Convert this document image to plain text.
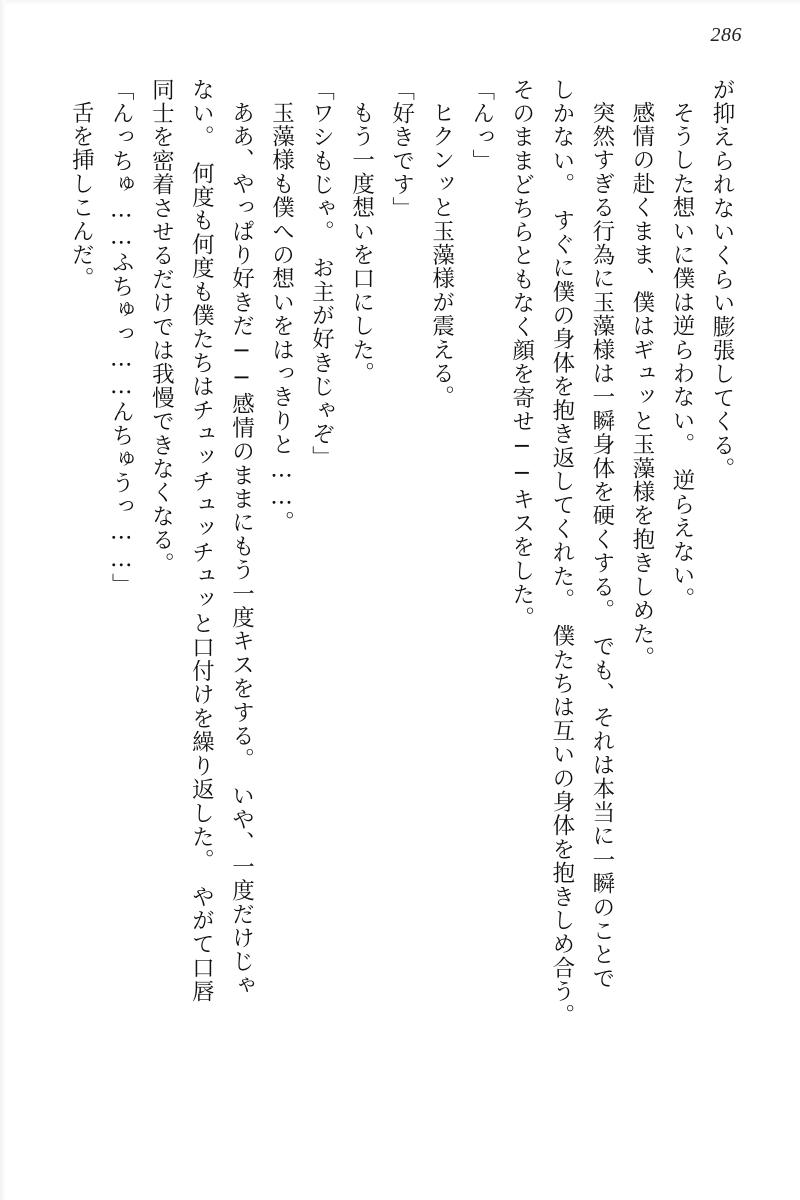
286

が抑えられないくらい膨張してくる。

そうした想いに僕は逆らわない。　逆らえない。

感情の赴くまま、僕はギュッと玉藻様を抱きしめた。

突然すぎる行為に玉藻様は一瞬身体を硬くする。　でも、それは本当に一瞬のことで

しかない。　すぐに僕の身体を抱き返してくれた。　僕たちは互いの身体を抱きしめ合う。

そのままどちらともなく顔を寄せ──キスをした。

「んっ」

ヒクンッと玉藻様が震える。

「好きです」

もう一度想いを口にした。

「ワシもじゃ。　お主が好きじゃぞ」

玉藻様も僕への想いをはっきりと……。

ああ、やっぱり好きだ──感情のままにもう一度キスをする。　いや、一度だけじゃ

ない。　何度も何度も僕たちはチュッチュッチュッと口付けを繰り返した。　やがて口唇

同士を密着させるだけでは我慢できなくなる。

「んっちゅ……ふちゅっ……んちゅうっ……」

舌を挿しこんだ。
